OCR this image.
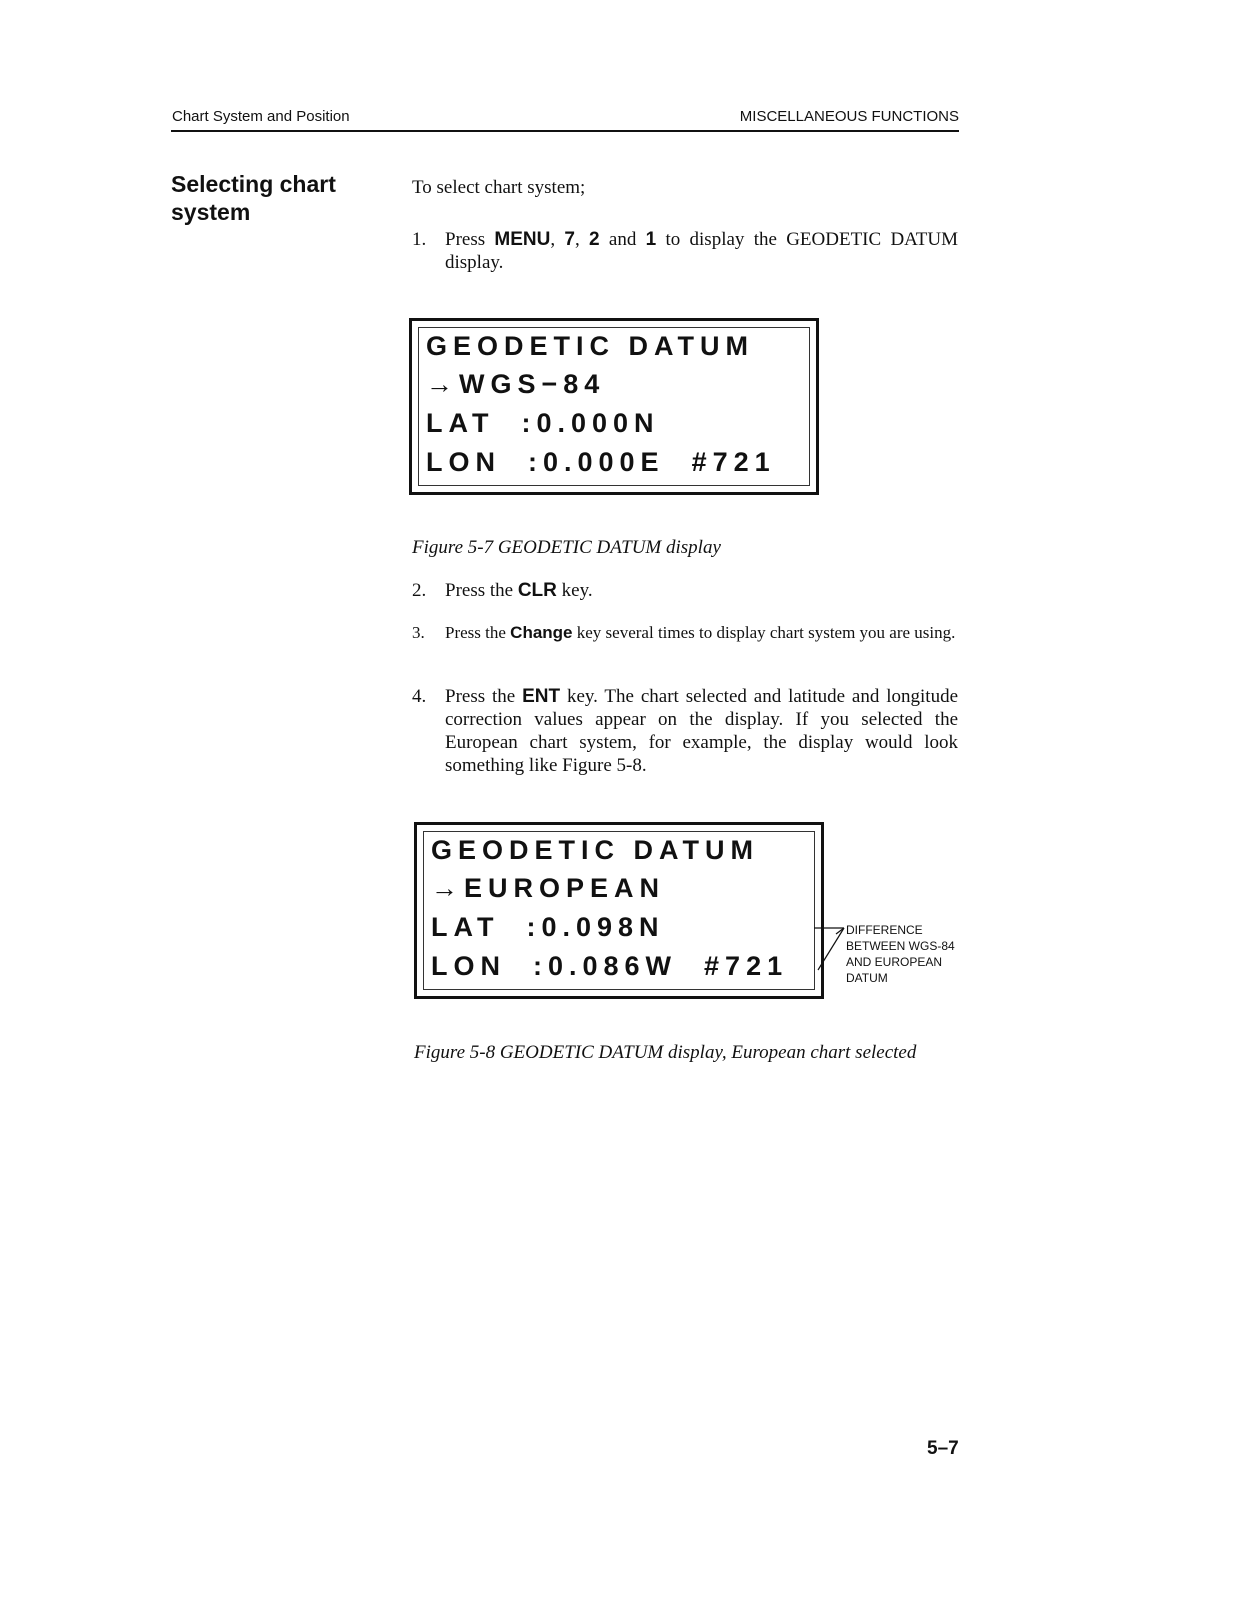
Chart System and Position	MISCELLANEOUS FUNCTIONS
Selecting chart system
To select chart system;
1. Press MENU, 7, 2 and 1 to display the GEODETIC DATUM display.
GEODETIC DATUM
→WGS−84
LAT  :0.000N
LON  :0.000E  #721
Figure 5-7 GEODETIC DATUM display
2. Press the CLR key.
3. Press the Change key several times to display chart system you are using.
4. Press the ENT key. The chart selected and latitude and longitude correction values appear on the display. If you selected the European chart system, for example, the display would look something like Figure 5-8.
GEODETIC DATUM
→EUROPEAN
LAT  :0.098N
LON  :0.086W  #721
DIFFERENCE BETWEEN WGS-84 AND EUROPEAN DATUM
Figure 5-8 GEODETIC DATUM display, European chart selected
5–7
